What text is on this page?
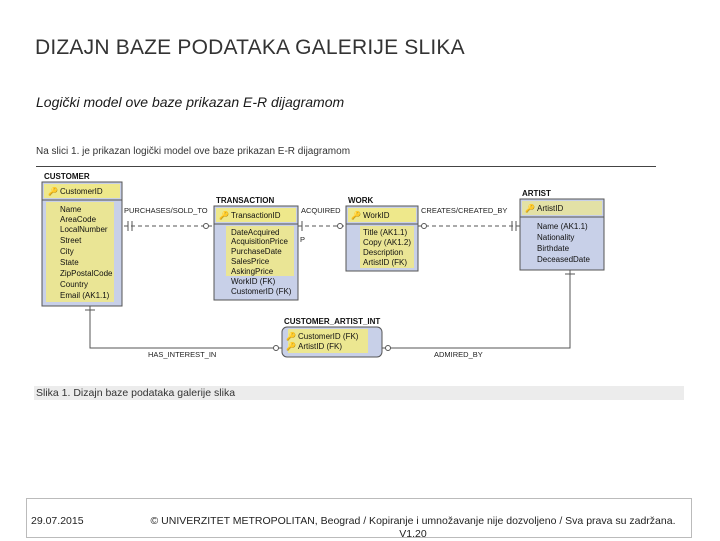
DIZAJN BAZE PODATAKA GALERIJE SLIKA
Logički model ove baze prikazan E-R dijagramom
Na slici 1. je prikazan logički model ove baze prikazan E-R dijagramom
CUSTOMER
🔑 CustomerID
Name
AreaCode
LocalNumber
Street
City
State
ZipPostalCode
Country
Email (AK1.1)
TRANSACTION
🔑 TransactionID
DateAcquired
AcquisitionPrice
PurchaseDate
SalesPrice
AskingPrice
WorkID (FK)
CustomerID (FK)
WORK
🔑 WorkID
Title (AK1.1)
Copy (AK1.2)
Description
ArtistID (FK)
ARTIST
🔑 ArtistID
Name (AK1.1)
Nationality
Birthdate
DeceasedDate
CUSTOMER_ARTIST_INT
🔑
🔑
CustomerID (FK)
ArtistID (FK)
PURCHASES/SOLD_TO	ACQUIRED	CREATES/CREATED_BY
P
HAS_INTEREST_IN	ADMIRED_BY
Slika 1. Dizajn baze podataka galerije slika
29.07.2015	© UNIVERZITET METROPOLITAN, Beograd / Kopiranje i umnožavanje nije dozvoljeno / Sva prava su zadržana. V1.20
